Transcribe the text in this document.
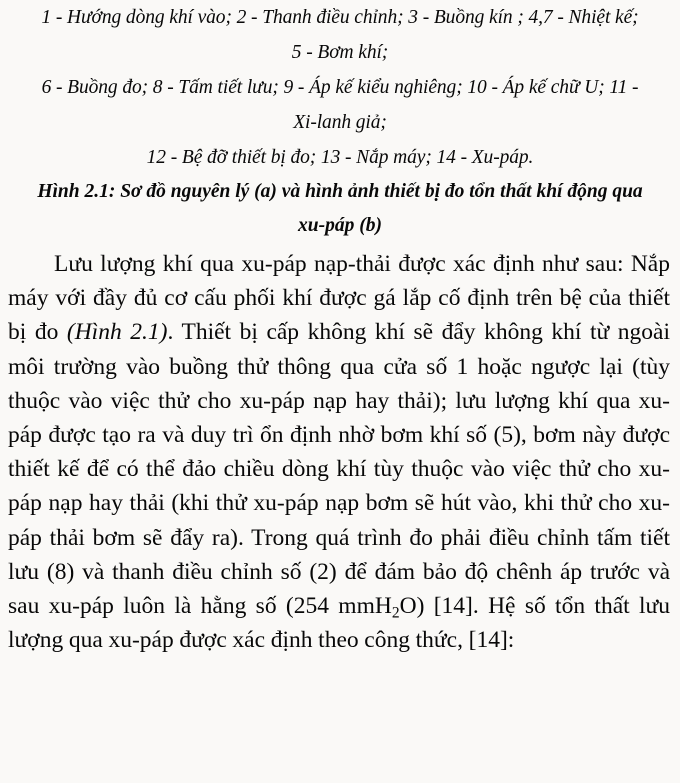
1 - Hướng dòng khí vào; 2 - Thanh điều chỉnh; 3 - Buồng kín ; 4,7 - Nhiệt kế;
5 - Bơm khí;
6 - Buồng đo; 8 - Tấm tiết lưu; 9 - Áp kế kiểu nghiêng; 10 - Áp kế chữ U; 11 -
Xi-lanh giả;
12 - Bệ đỡ thiết bị đo; 13 - Nắp máy; 14 - Xu-páp.
Hình 2.1: Sơ đồ nguyên lý (a) và hình ảnh thiết bị đo tổn thất khí động qua
xu-páp (b)

Lưu lượng khí qua xu-páp nạp-thải được xác định như sau: Nắp máy với đầy đủ cơ cấu phối khí được gá lắp cố định trên bệ của thiết bị đo (Hình 2.1). Thiết bị cấp không khí sẽ đẩy không khí từ ngoài môi trường vào buồng thử thông qua cửa số 1 hoặc ngược lại (tùy thuộc vào việc thử cho xu-páp nạp hay thải); lưu lượng khí qua xu-páp được tạo ra và duy trì ổn định nhờ bơm khí số (5), bơm này được thiết kế để có thể đảo chiều dòng khí tùy thuộc vào việc thử cho xu-páp nạp hay thải (khi thử xu-páp nạp bơm sẽ hút vào, khi thử cho xu-páp thải bơm sẽ đẩy ra). Trong quá trình đo phải điều chỉnh tấm tiết lưu (8) và thanh điều chỉnh số (2) để đám bảo độ chênh áp trước và sau xu-páp luôn là hằng số (254 mmH$_2$O) [14]. Hệ số tổn thất lưu lượng qua xu-páp được xác định theo công thức, [14]:
